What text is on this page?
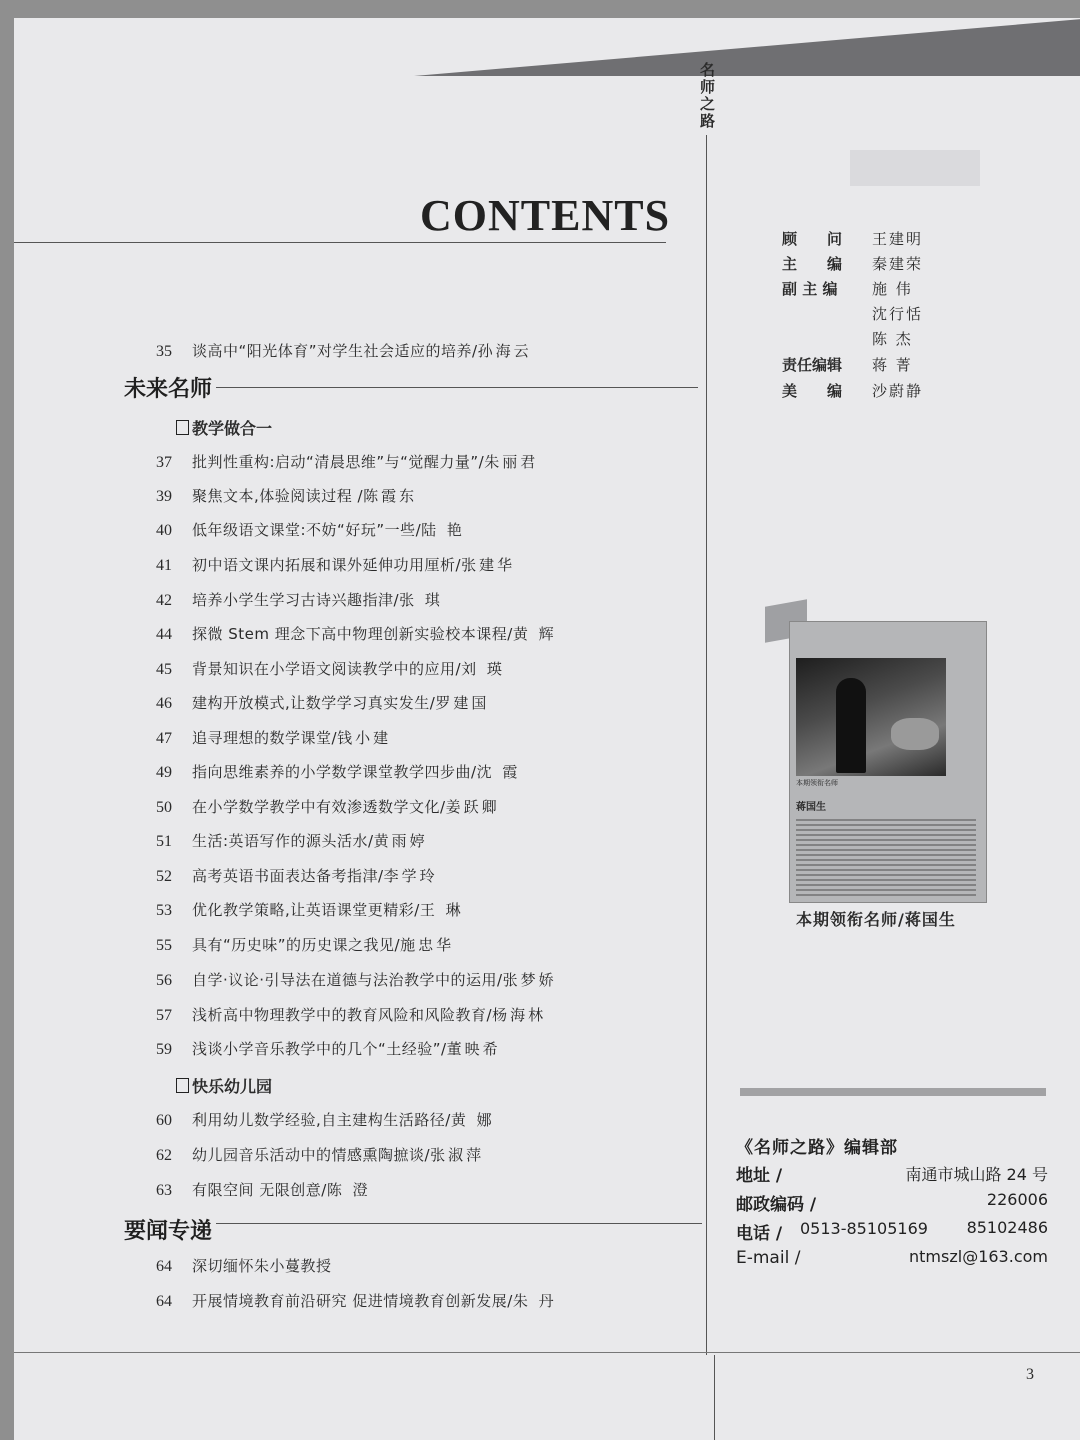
名师之路
CONTENTS
35 谈高中“阳光体育”对学生社会适应的培养/孙海云
未来名师
教学做合一
37 批判性重构:启动“清晨思维”与“觉醒力量”/朱丽君
39 聚焦文本,体验阅读过程 /陈霞东
40 低年级语文课堂:不妨“好玩”一些/陆 艳
41 初中语文课内拓展和课外延伸功用厘析/张建华
42 培养小学生学习古诗兴趣指津/张 琪
44 探微 Stem 理念下高中物理创新实验校本课程/黄 辉
45 背景知识在小学语文阅读教学中的应用/刘 瑛
46 建构开放模式,让数学学习真实发生/罗建国
47 追寻理想的数学课堂/钱小建
49 指向思维素养的小学数学课堂教学四步曲/沈 霞
50 在小学数学教学中有效渗透数学文化/姜跃卿
51 生活:英语写作的源头活水/黄雨婷
52 高考英语书面表达备考指津/李学玲
53 优化教学策略,让英语课堂更精彩/王 琳
55 具有“历史味”的历史课之我见/施忠华
56 自学·议论·引导法在道德与法治教学中的运用/张梦娇
57 浅析高中物理教学中的教育风险和风险教育/杨海林
59 浅谈小学音乐教学中的几个“土经验”/董映希
快乐幼儿园
60 利用幼儿数学经验,自主建构生活路径/黄 娜
62 幼儿园音乐活动中的情感熏陶摭谈/张淑萍
63 有限空间 无限创意/陈 澄
要闻专递
64 深切缅怀朱小蔓教授
64 开展情境教育前沿研究 促进情境教育创新发展/朱 丹
顾　　问 王建明
主　　编 秦建荣
副 主 编 施 伟
沈行恬
陈 杰
责任编辑 蒋 菁
美　　编 沙蔚静
本期领衔名师
蒋国生
本期领衔名师/蒋国生
《名师之路》编辑部
地址 /	南通市城山路 24 号
邮政编码 /	226006
电话 / 0513-85105169 85102486
E-mail /	ntmszl@163.com
3
